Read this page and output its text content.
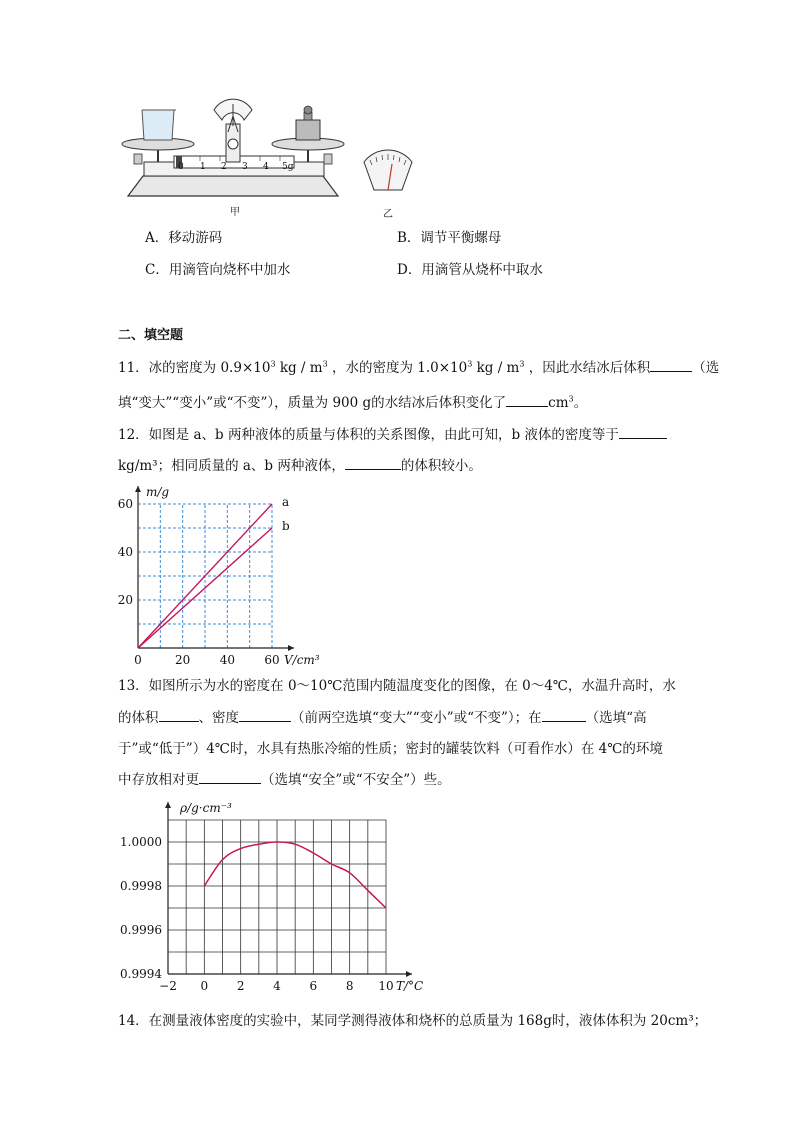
0 1 2 3 4 5g
甲	乙
A．移动游码	B．调节平衡螺母
C．用滴管向烧杯中加水	D．用滴管从烧杯中取水
二、填空题
11．冰的密度为 $0.9\times 10^3$ kg / $m^3$ ，水的密度为 $1.0\times 10^3$ kg / $m^3$ ，因此水结冰后体积	（选
填“变大”“变小”或“不变”），质量为 900 g的水结冰后体积变化了	$cm^3$。
12．如图是 a、b 两种液体的质量与体积的关系图像，由此可知，b 液体的密度等于
kg/m³；相同质量的 a、b 两种液体，	的体积较小。
0	20 40 60
20
40
60
V/cm³
m/g
a
b
13．如图所示为水的密度在 0～10℃范围内随温度变化的图像，在 0～4℃，水温升高时，水
的体积	、密度	（前两空选填“变大”“变小”或“不变”）；在	（选填“高
于”或“低于”）4℃时，水具有热胀冷缩的性质；密封的罐装饮料（可看作水）在 4℃的环境
中存放相对更	（选填“安全”或“不安全”）些。
−2 0 2 4 6 8 10
0.9994
0.9996
0.9998
1.0000
T/°C
ρ/g·cm⁻³
14．在测量液体密度的实验中，某同学测得液体和烧杯的总质量为 168g时，液体体积为 20cm³；
